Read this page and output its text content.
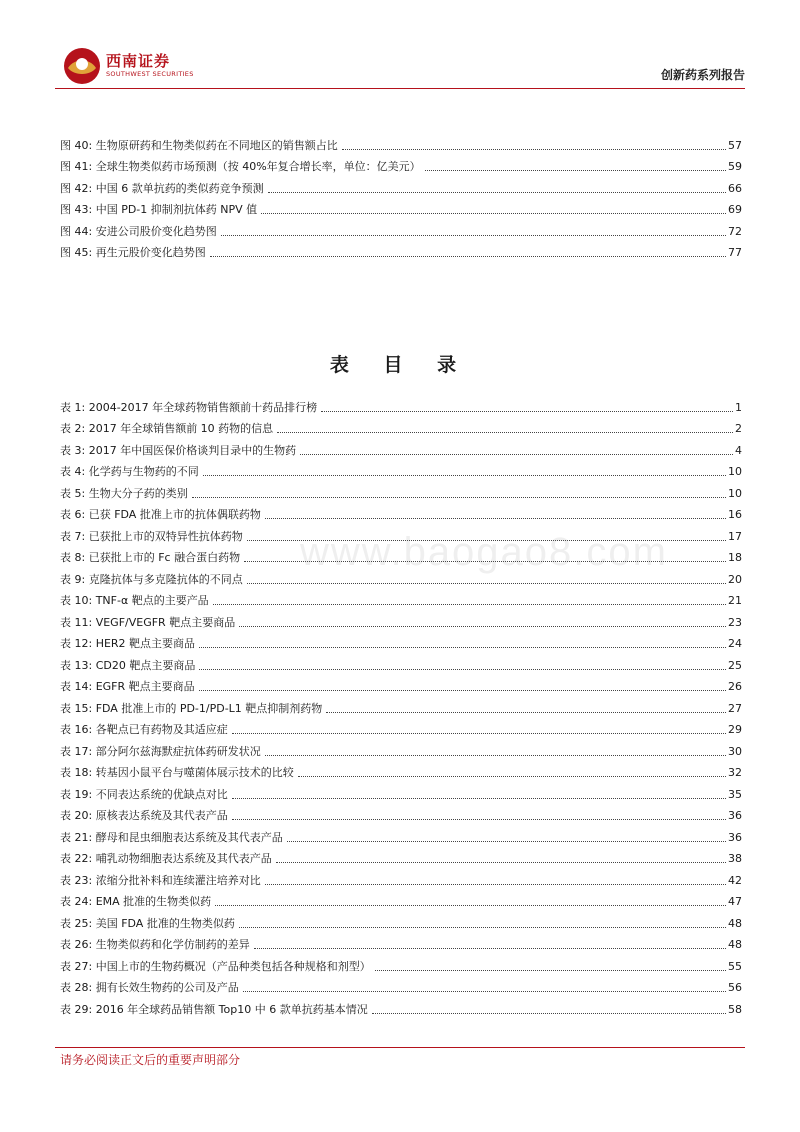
西南证券
SOUTHWEST SECURITIES	创新药系列报告
图 40: 生物原研药和生物类似药在不同地区的销售额占比	57
图 41: 全球生物类似药市场预测（按 40%年复合增长率，单位：亿美元）	59
图 42: 中国 6 款单抗药的类似药竞争预测	66
图 43: 中国 PD-1 抑制剂抗体药 NPV 值	69
图 44: 安进公司股价变化趋势图	72
图 45: 再生元股价变化趋势图	77
表 目 录
表 1: 2004-2017 年全球药物销售额前十药品排行榜	1
表 2: 2017 年全球销售额前 10 药物的信息	2
表 3: 2017 年中国医保价格谈判目录中的生物药	4
表 4: 化学药与生物药的不同	10
表 5: 生物大分子药的类别	10
表 6: 已获 FDA 批准上市的抗体偶联药物	16
表 7: 已获批上市的双特异性抗体药物	17
表 8: 已获批上市的 Fc 融合蛋白药物	18
表 9: 克隆抗体与多克隆抗体的不同点	20
表 10: TNF-α 靶点的主要产品	21
表 11: VEGF/VEGFR 靶点主要商品	23
表 12: HER2 靶点主要商品	24
表 13: CD20 靶点主要商品	25
表 14: EGFR 靶点主要商品	26
表 15: FDA 批准上市的 PD-1/PD-L1 靶点抑制剂药物	27
表 16: 各靶点已有药物及其适应症	29
表 17: 部分阿尔兹海默症抗体药研发状况	30
表 18: 转基因小鼠平台与噬菌体展示技术的比较	32
表 19: 不同表达系统的优缺点对比	35
表 20: 原核表达系统及其代表产品	36
表 21: 酵母和昆虫细胞表达系统及其代表产品	36
表 22: 哺乳动物细胞表达系统及其代表产品	38
表 23: 浓缩分批补料和连续灌注培养对比	42
表 24: EMA 批准的生物类似药	47
表 25: 美国 FDA 批准的生物类似药	48
表 26: 生物类似药和化学仿制药的差异	48
表 27: 中国上市的生物药概况（产品种类包括各种规格和剂型）	55
表 28: 拥有长效生物药的公司及产品	56
表 29: 2016 年全球药品销售额 Top10 中 6 款单抗药基本情况	58
www.baogao8.com
请务必阅读正文后的重要声明部分
